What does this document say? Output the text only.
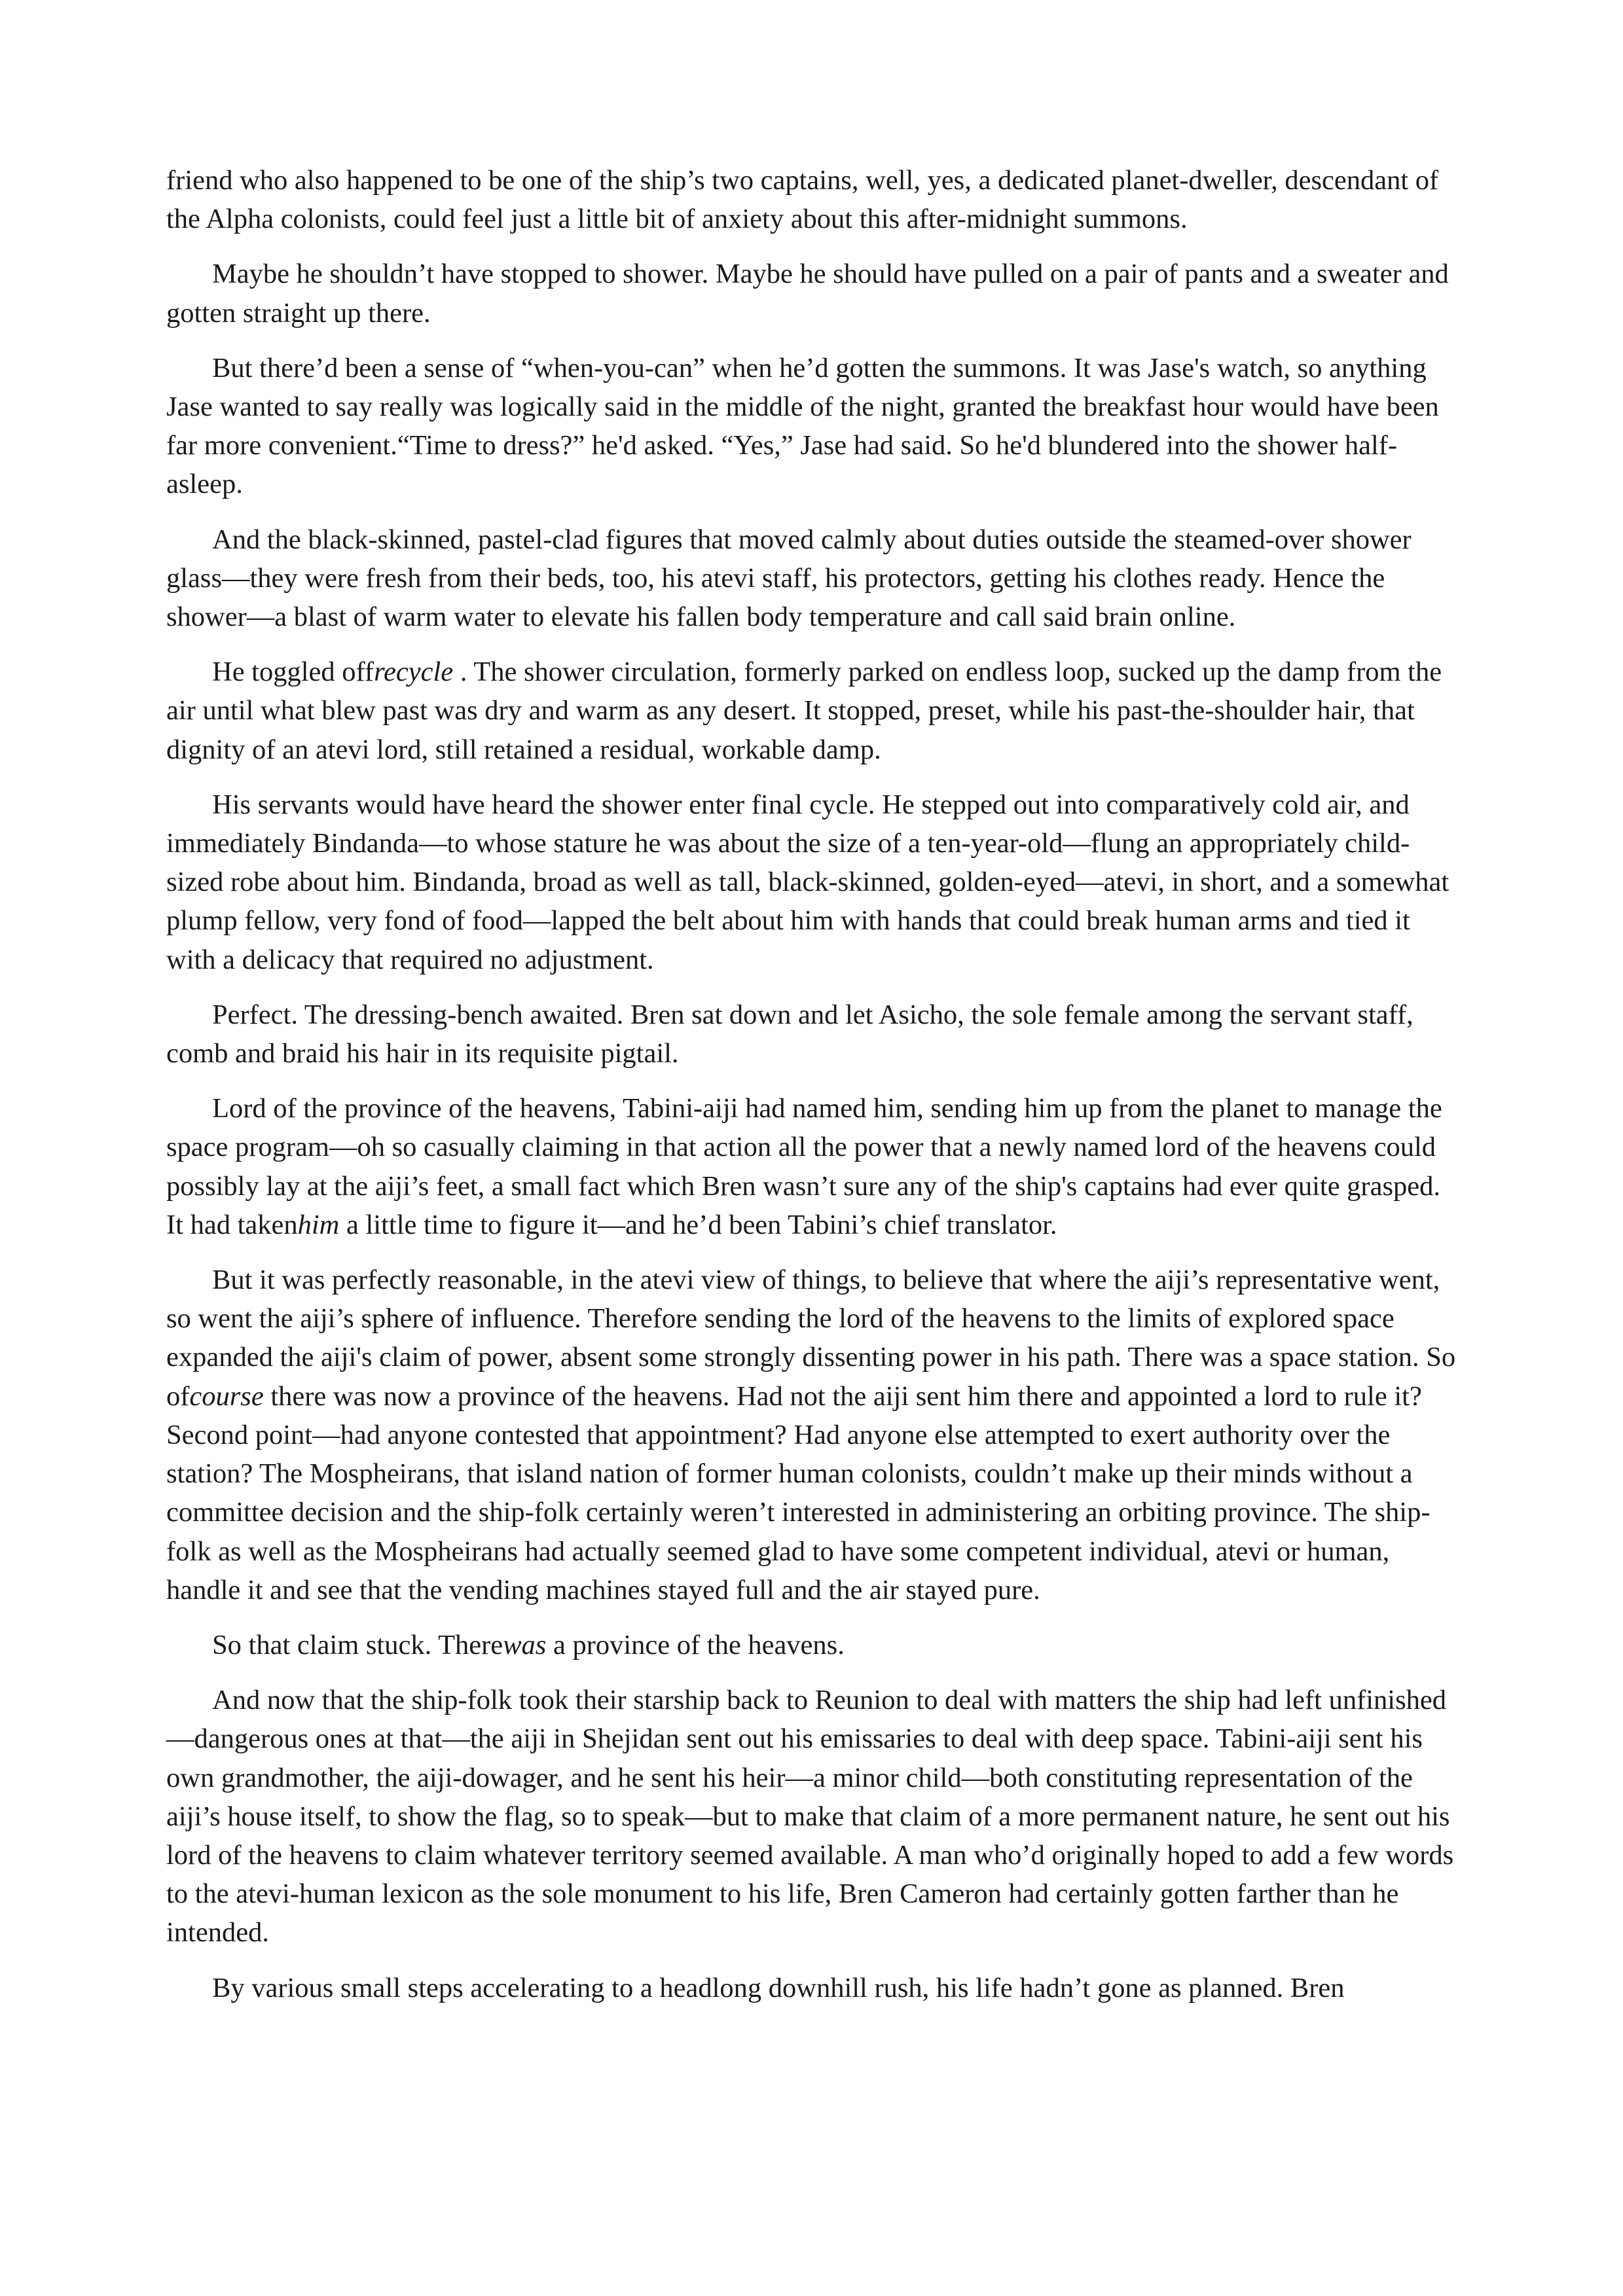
friend who also happened to be one of the ship’s two captains, well, yes, a dedicated planet-dweller, descendant of the Alpha colonists, could feel just a little bit of anxiety about this after-midnight summons.

Maybe he shouldn’t have stopped to shower. Maybe he should have pulled on a pair of pants and a sweater and gotten straight up there.

But there’d been a sense of “when-you-can” when he’d gotten the summons. It was Jase's watch, so anything Jase wanted to say really was logically said in the middle of the night, granted the breakfast hour would have been far more convenient.“Time to dress?” he'd asked. “Yes,” Jase had said. So he'd blundered into the shower half-asleep.

And the black-skinned, pastel-clad figures that moved calmly about duties outside the steamed-over shower glass—they were fresh from their beds, too, his atevi staff, his protectors, getting his clothes ready. Hence the shower—a blast of warm water to elevate his fallen body temperature and call said brain online.

He toggled offrecycle . The shower circulation, formerly parked on endless loop, sucked up the damp from the air until what blew past was dry and warm as any desert. It stopped, preset, while his past-the-shoulder hair, that dignity of an atevi lord, still retained a residual, workable damp.

His servants would have heard the shower enter final cycle. He stepped out into comparatively cold air, and immediately Bindanda—to whose stature he was about the size of a ten-year-old—flung an appropriately child-sized robe about him. Bindanda, broad as well as tall, black-skinned, golden-eyed—atevi, in short, and a somewhat plump fellow, very fond of food—lapped the belt about him with hands that could break human arms and tied it with a delicacy that required no adjustment.

Perfect. The dressing-bench awaited. Bren sat down and let Asicho, the sole female among the servant staff, comb and braid his hair in its requisite pigtail.

Lord of the province of the heavens, Tabini-aiji had named him, sending him up from the planet to manage the space program—oh so casually claiming in that action all the power that a newly named lord of the heavens could possibly lay at the aiji’s feet, a small fact which Bren wasn’t sure any of the ship's captains had ever quite grasped. It had takenhim a little time to figure it—and he’d been Tabini’s chief translator.

But it was perfectly reasonable, in the atevi view of things, to believe that where the aiji’s representative went, so went the aiji’s sphere of influence. Therefore sending the lord of the heavens to the limits of explored space expanded the aiji's claim of power, absent some strongly dissenting power in his path. There was a space station. So ofcourse there was now a province of the heavens. Had not the aiji sent him there and appointed a lord to rule it? Second point—had anyone contested that appointment? Had anyone else attempted to exert authority over the station? The Mospheirans, that island nation of former human colonists, couldn’t make up their minds without a committee decision and the ship-folk certainly weren’t interested in administering an orbiting province. The ship-folk as well as the Mospheirans had actually seemed glad to have some competent individual, atevi or human, handle it and see that the vending machines stayed full and the air stayed pure.

So that claim stuck. Therewas a province of the heavens.

And now that the ship-folk took their starship back to Reunion to deal with matters the ship had left unfinished—dangerous ones at that—the aiji in Shejidan sent out his emissaries to deal with deep space. Tabini-aiji sent his own grandmother, the aiji-dowager, and he sent his heir—a minor child—both constituting representation of the aiji’s house itself, to show the flag, so to speak—but to make that claim of a more permanent nature, he sent out his lord of the heavens to claim whatever territory seemed available. A man who’d originally hoped to add a few words to the atevi-human lexicon as the sole monument to his life, Bren Cameron had certainly gotten farther than he intended.

By various small steps accelerating to a headlong downhill rush, his life hadn’t gone as planned. Bren
